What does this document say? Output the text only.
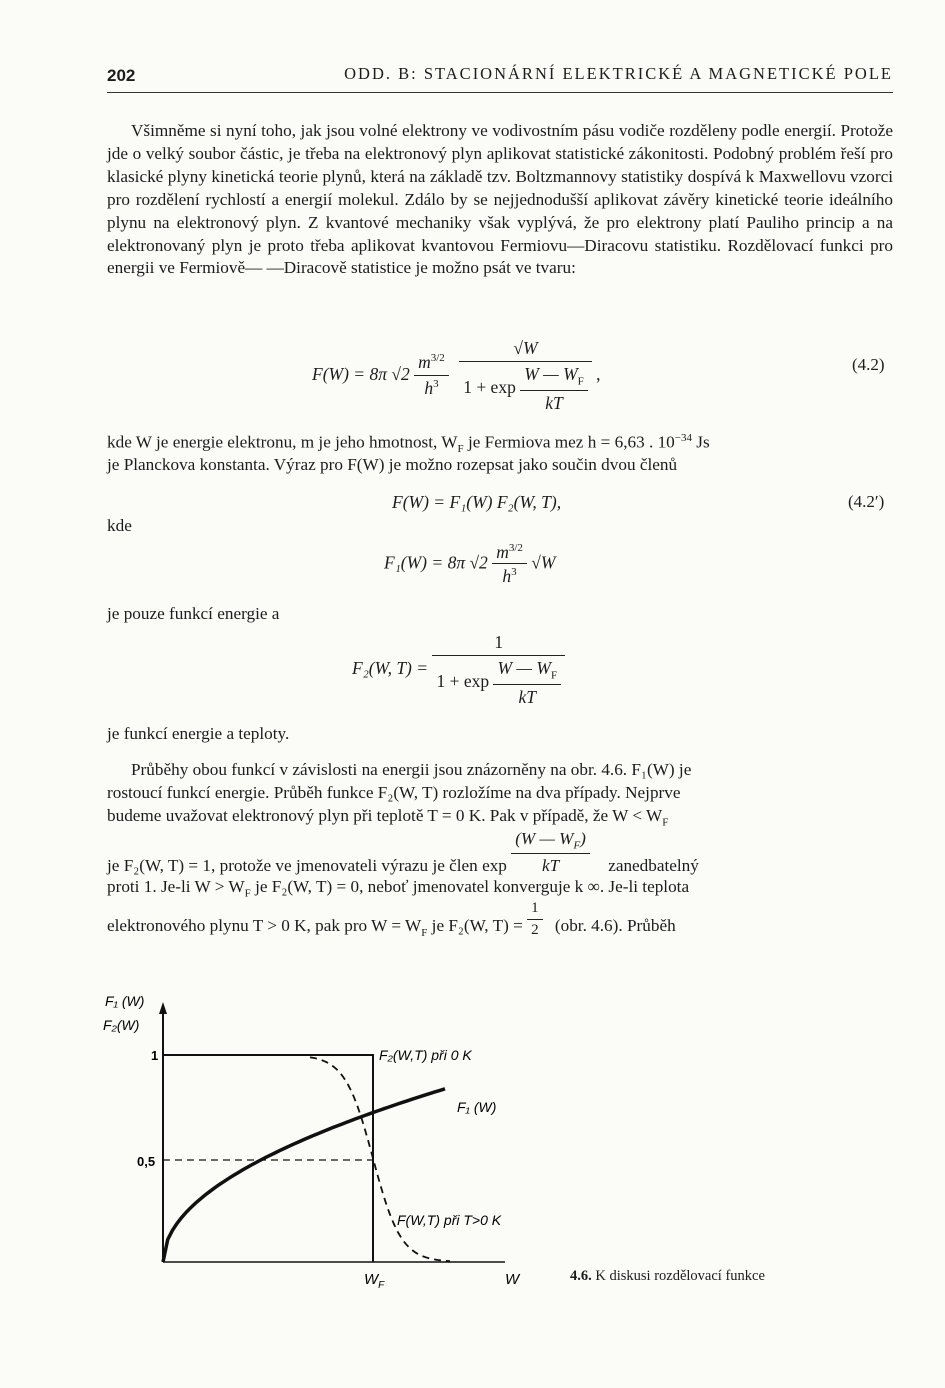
202	ODD. B: STACIONÁRNÍ ELEKTRICKÉ A MAGNETICKÉ POLE
Všimněme si nyní toho, jak jsou volné elektrony ve vodivostním pásu vodiče rozděleny podle energií. Protože jde o velký soubor částic, je třeba na elektronový plyn aplikovat statistické zákonitosti. Podobný problém řeší pro klasické plyny kinetická teorie plynů, která na základě tzv. Boltzmannovy statistiky dospívá k Maxwellovu vzorci pro rozdělení rychlostí a energií molekul. Zdálo by se nejjednodušší aplikovat závěry kinetické teorie ideálního plynu na elektronový plyn. Z kvantové mechaniky však vyplývá, že pro elektrony platí Pauliho princip a na elektronovaný plyn je proto třeba aplikovat kvantovou Fermiovu—Diracovu statistiku. Rozdělovací funkci pro energii ve Fermiově— —Diracově statistice je možno psát ve tvaru:
F(W) = 8π $√2 \frac{m^{3/2}}{h^3}$
$\frac{√W}{1 + \exp \frac{W — W_F}{kT}}$ ,	(4.2)
kde W je energie elektronu, m je jeho hmotnost, $W_F$ je Fermiova mez h = 6,63 . $10^{-34}$ Js
je Planckova konstanta. Výraz pro F(W) je možno rozepsat jako součin dvou členů
F(W) = F₁(W) F₂(W, T),	(4.2′)
kde
F₁(W) = 8π $√2 \frac{m^{3/2}}{h^3} √W$
je pouze funkcí energie a
F₂(W, $T) = \frac{1}{1 + \exp \frac{W — W_F}{kT}}$
je funkcí energie a teploty.
Průběhy obou funkcí v závislosti na energii jsou znázorněny na obr. 4.6. F₁(W) je
rostoucí funkcí energie. Průběh funkce F₂(W, T) rozložíme na dva případy. Nejprve
budeme uvažovat elektronový plyn při teplotě T = 0 K. Pak v případě, že $W < W_F$
je F₂(W, T) = 1, protože ve jmenovateli výrazu je člen $\exp \frac{(W — W_F)}{kT}$ zanedbatelný
proti 1. Je-li $W > W_F$ je F₂(W, T) = 0, neboť jmenovatel konverguje k ∞. Je-li teplota
elektronového plynu T > 0 K, pak pro $W = W_F$ je F₂(W, $T) = \frac{1}{2} (obr$. 4.6). Průběh
F₁ (W)
F₂(W)
1
0,5
F₂(W,T) při 0 K
F₁ (W)
F(W,T) při T>0 K
$W_F$	W	4.6. K diskusi rozdělovací funkce
